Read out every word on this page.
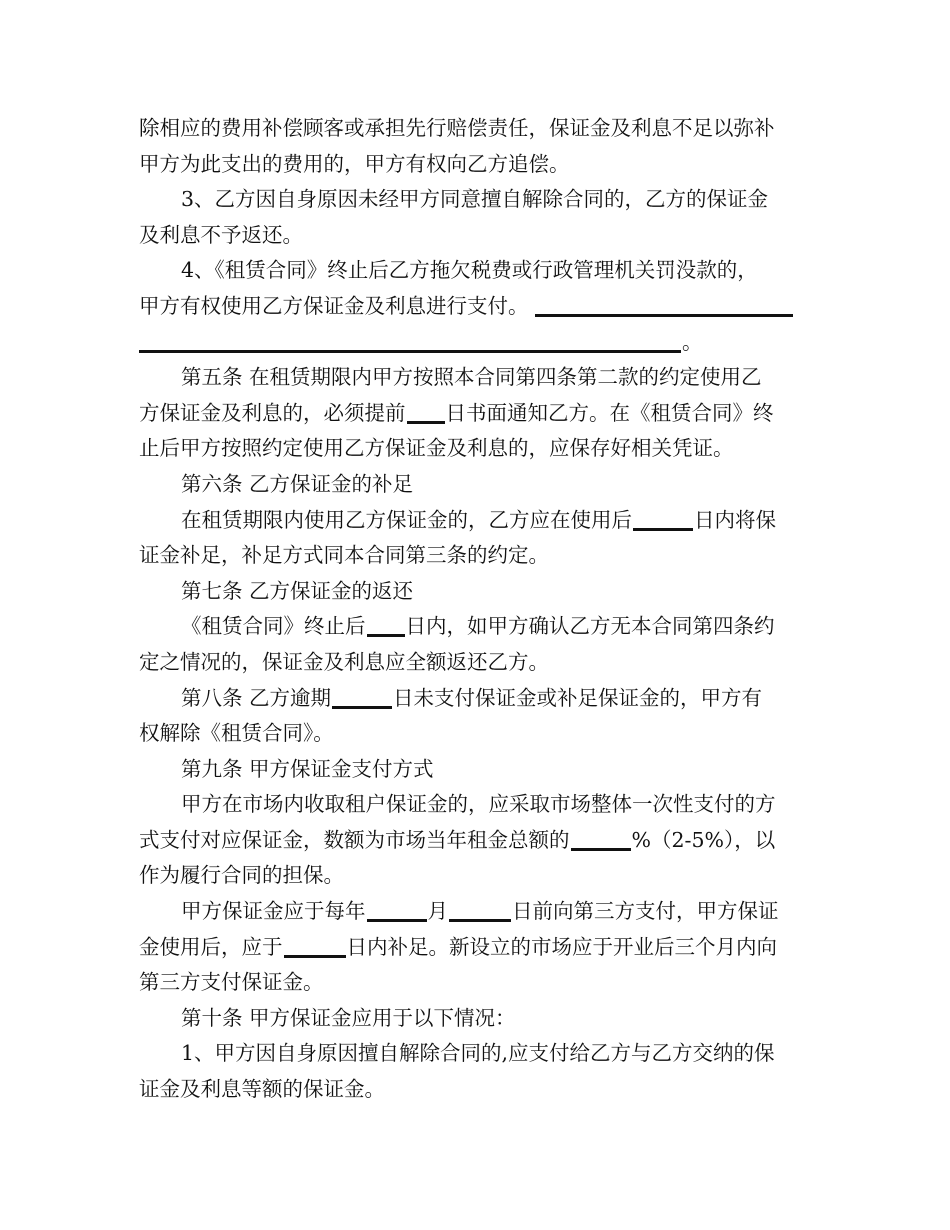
除相应的费用补偿顾客或承担先行赔偿责任，保证金及利息不足以弥补
甲方为此支出的费用的，甲方有权向乙方追偿。
3、乙方因自身原因未经甲方同意擅自解除合同的，乙方的保证金
及利息不予返还。
4、《租赁合同》终止后乙方拖欠税费或行政管理机关罚没款的，
甲方有权使用乙方保证金及利息进行支付。
。
第五条 在租赁期限内甲方按照本合同第四条第二款的约定使用乙
方保证金及利息的，必须提前 日书面通知乙方。在《租赁合同》终
止后甲方按照约定使用乙方保证金及利息的，应保存好相关凭证。
第六条 乙方保证金的补足
在租赁期限内使用乙方保证金的，乙方应在使用后	日内将保
证金补足，补足方式同本合同第三条的约定。
第七条 乙方保证金的返还
《租赁合同》终止后 日内，如甲方确认乙方无本合同第四条约
定之情况的，保证金及利息应全额返还乙方。
第八条 乙方逾期	日未支付保证金或补足保证金的，甲方有
权解除《租赁合同》。
第九条 甲方保证金支付方式
甲方在市场内收取租户保证金的，应采取市场整体一次性支付的方
式支付对应保证金，数额为市场当年租金总额的	%（2-5%），以
作为履行合同的担保。
甲方保证金应于每年	月	日前向第三方支付，甲方保证
金使用后，应于	日内补足。新设立的市场应于开业后三个月内向
第三方支付保证金。
第十条 甲方保证金应用于以下情况：
1、甲方因自身原因擅自解除合同的,应支付给乙方与乙方交纳的保
证金及利息等额的保证金。
